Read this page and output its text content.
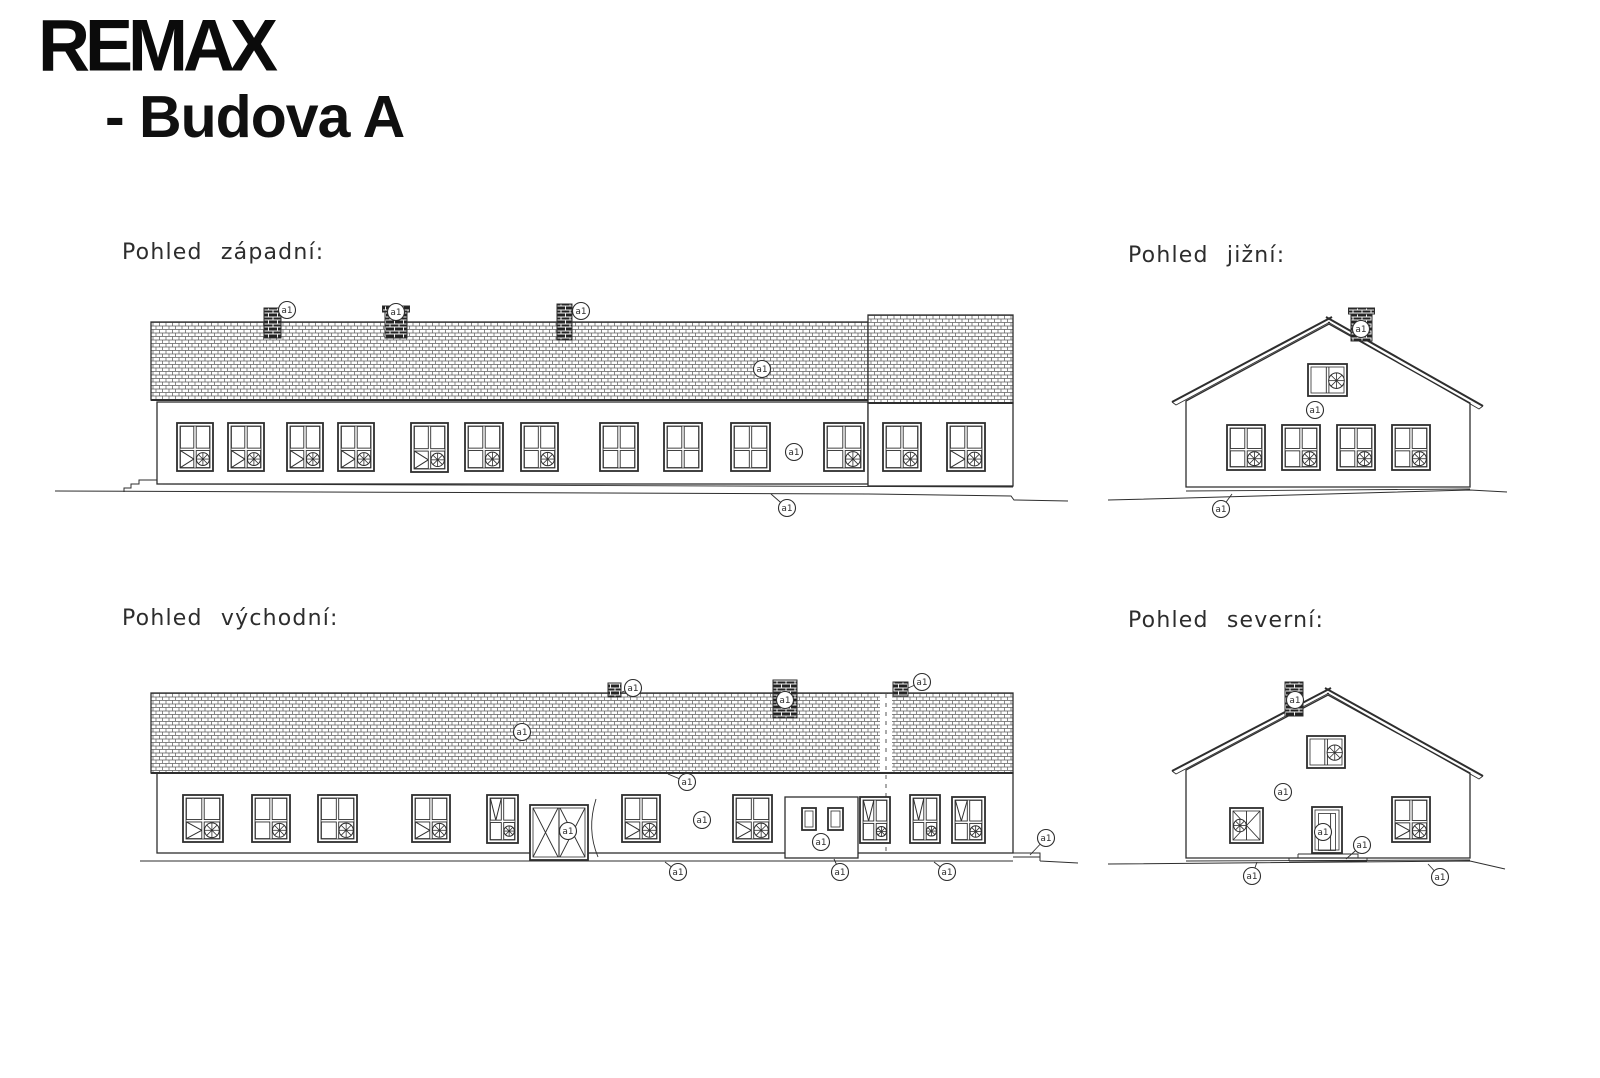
REMAX
- Budova A
Pohled západní:	Pohled jižní:
Pohled východní:	Pohled severní:
a1	a1	a1
a1
a1
a1
a1
a1
a1
a1
a1
a1
a1
a1
a1
a1
a1
a1	a1	a1
a1
a1
a1
a1
a1
a1	a1
